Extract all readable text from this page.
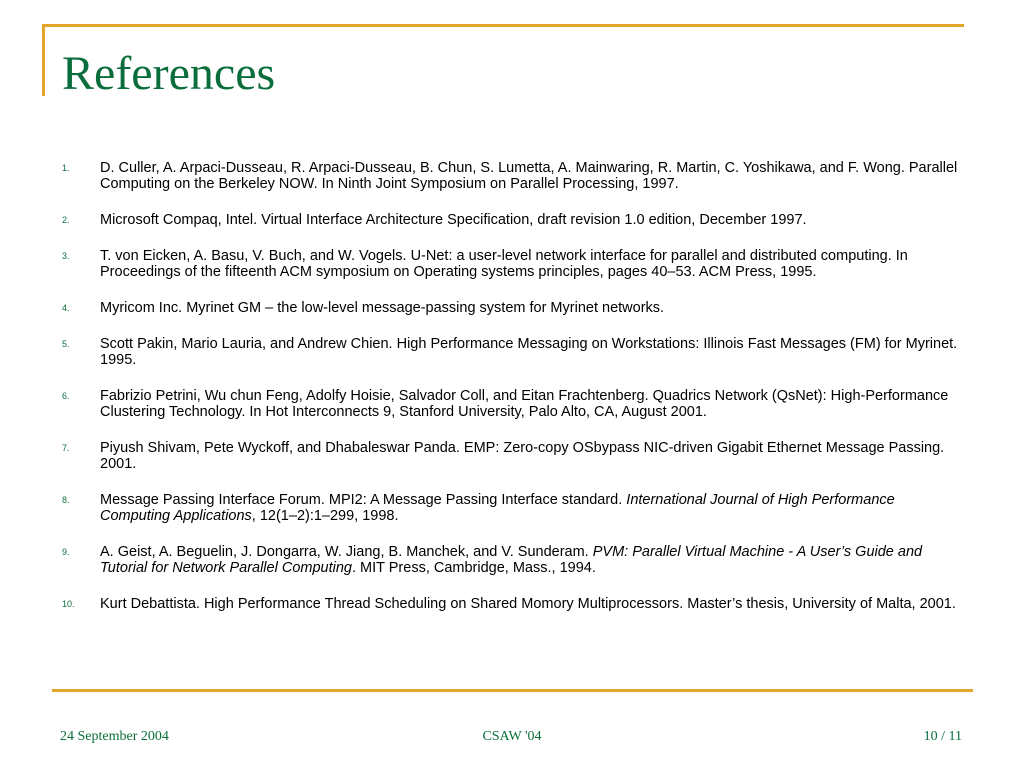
References
1. D. Culler, A. Arpaci-Dusseau, R. Arpaci-Dusseau, B. Chun, S. Lumetta, A. Mainwaring, R. Martin, C. Yoshikawa, and F. Wong. Parallel Computing on the Berkeley NOW. In Ninth Joint Symposium on Parallel Processing, 1997.
2. Microsoft Compaq, Intel. Virtual Interface Architecture Specification, draft revision 1.0 edition, December 1997.
3. T. von Eicken, A. Basu, V. Buch, and W. Vogels. U-Net: a user-level network interface for parallel and distributed computing. In Proceedings of the fifteenth ACM symposium on Operating systems principles, pages 40–53. ACM Press, 1995.
4. Myricom Inc. Myrinet GM – the low-level message-passing system for Myrinet networks.
5. Scott Pakin, Mario Lauria, and Andrew Chien. High Performance Messaging on Workstations: Illinois Fast Messages (FM) for Myrinet. 1995.
6. Fabrizio Petrini, Wu chun Feng, Adolfy Hoisie, Salvador Coll, and Eitan Frachtenberg. Quadrics Network (QsNet): High-Performance Clustering Technology. In Hot Interconnects 9, Stanford University, Palo Alto, CA, August 2001.
7. Piyush Shivam, Pete Wyckoff, and Dhabaleswar Panda. EMP: Zero-copy OSbypass NIC-driven Gigabit Ethernet Message Passing. 2001.
8. Message Passing Interface Forum. MPI2: A Message Passing Interface standard. International Journal of High Performance Computing Applications, 12(1–2):1–299, 1998.
9. A. Geist, A. Beguelin, J. Dongarra, W. Jiang, B. Manchek, and V. Sunderam. PVM: Parallel Virtual Machine - A User’s Guide and Tutorial for Network Parallel Computing. MIT Press, Cambridge, Mass., 1994.
10. Kurt Debattista. High Performance Thread Scheduling on Shared Momory Multiprocessors. Master’s thesis, University of Malta, 2001.

24 September 2004	CSAW '04	10 / 11
